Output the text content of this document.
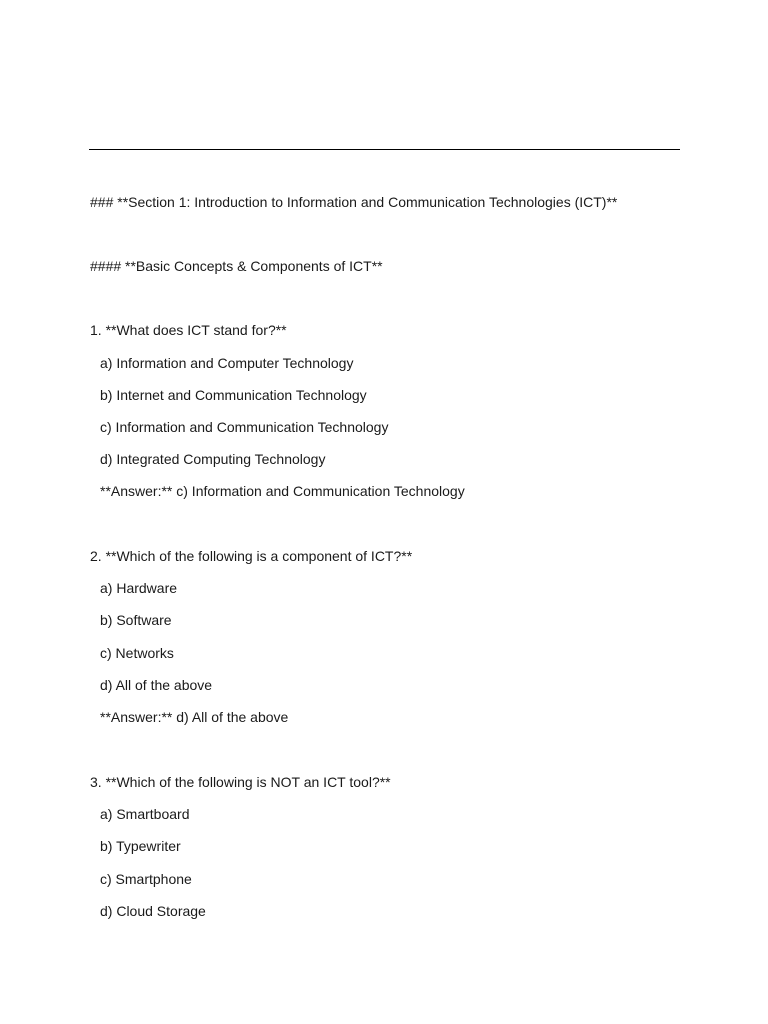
### **Section 1: Introduction to Information and Communication Technologies (ICT)**
#### **Basic Concepts & Components of ICT**
1. **What does ICT stand for?**
a) Information and Computer Technology
b) Internet and Communication Technology
c) Information and Communication Technology
d) Integrated Computing Technology
**Answer:** c) Information and Communication Technology
2. **Which of the following is a component of ICT?**
a) Hardware
b) Software
c) Networks
d) All of the above
**Answer:** d) All of the above
3. **Which of the following is NOT an ICT tool?**
a) Smartboard
b) Typewriter
c) Smartphone
d) Cloud Storage
